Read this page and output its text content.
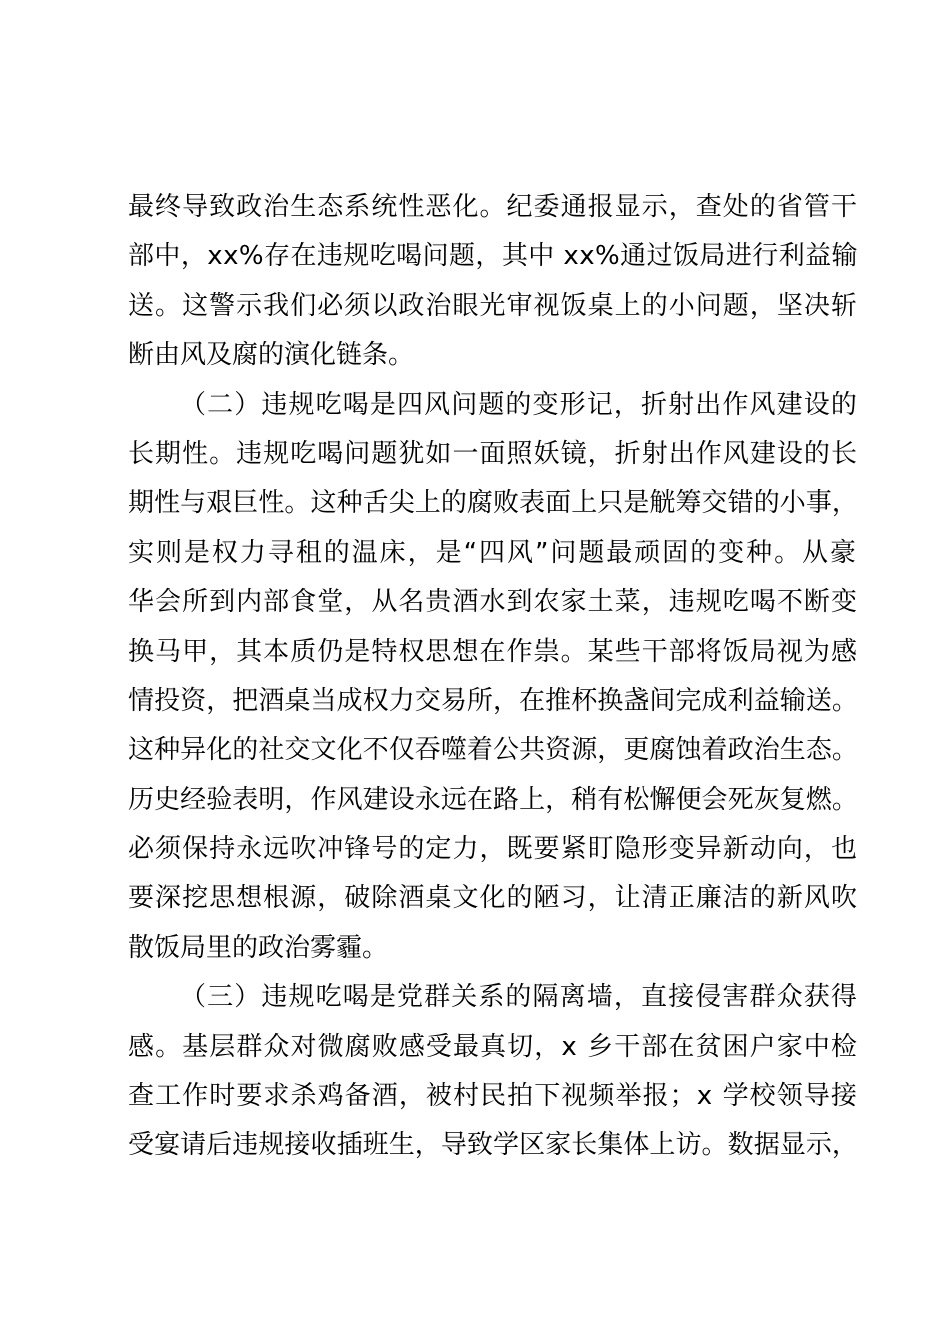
最终导致政治生态系统性恶化。纪委通报显示，查处的省管干
部中，xx%存在违规吃喝问题，其中 xx%通过饭局进行利益输
送。这警示我们必须以政治眼光审视饭桌上的小问题，坚决斩
断由风及腐的演化链条。
（二）违规吃喝是四风问题的变形记，折射出作风建设的
长期性。违规吃喝问题犹如一面照妖镜，折射出作风建设的长
期性与艰巨性。这种舌尖上的腐败表面上只是觥筹交错的小事，
实则是权力寻租的温床，是“四风”问题最顽固的变种。从豪
华会所到内部食堂，从名贵酒水到农家土菜，违规吃喝不断变
换马甲，其本质仍是特权思想在作祟。某些干部将饭局视为感
情投资，把酒桌当成权力交易所，在推杯换盏间完成利益输送。
这种异化的社交文化不仅吞噬着公共资源，更腐蚀着政治生态。
历史经验表明，作风建设永远在路上，稍有松懈便会死灰复燃。
必须保持永远吹冲锋号的定力，既要紧盯隐形变异新动向，也
要深挖思想根源，破除酒桌文化的陋习，让清正廉洁的新风吹
散饭局里的政治雾霾。
（三）违规吃喝是党群关系的隔离墙，直接侵害群众获得
感。基层群众对微腐败感受最真切，x 乡干部在贫困户家中检
查工作时要求杀鸡备酒，被村民拍下视频举报；x 学校领导接
受宴请后违规接收插班生，导致学区家长集体上访。数据显示，
